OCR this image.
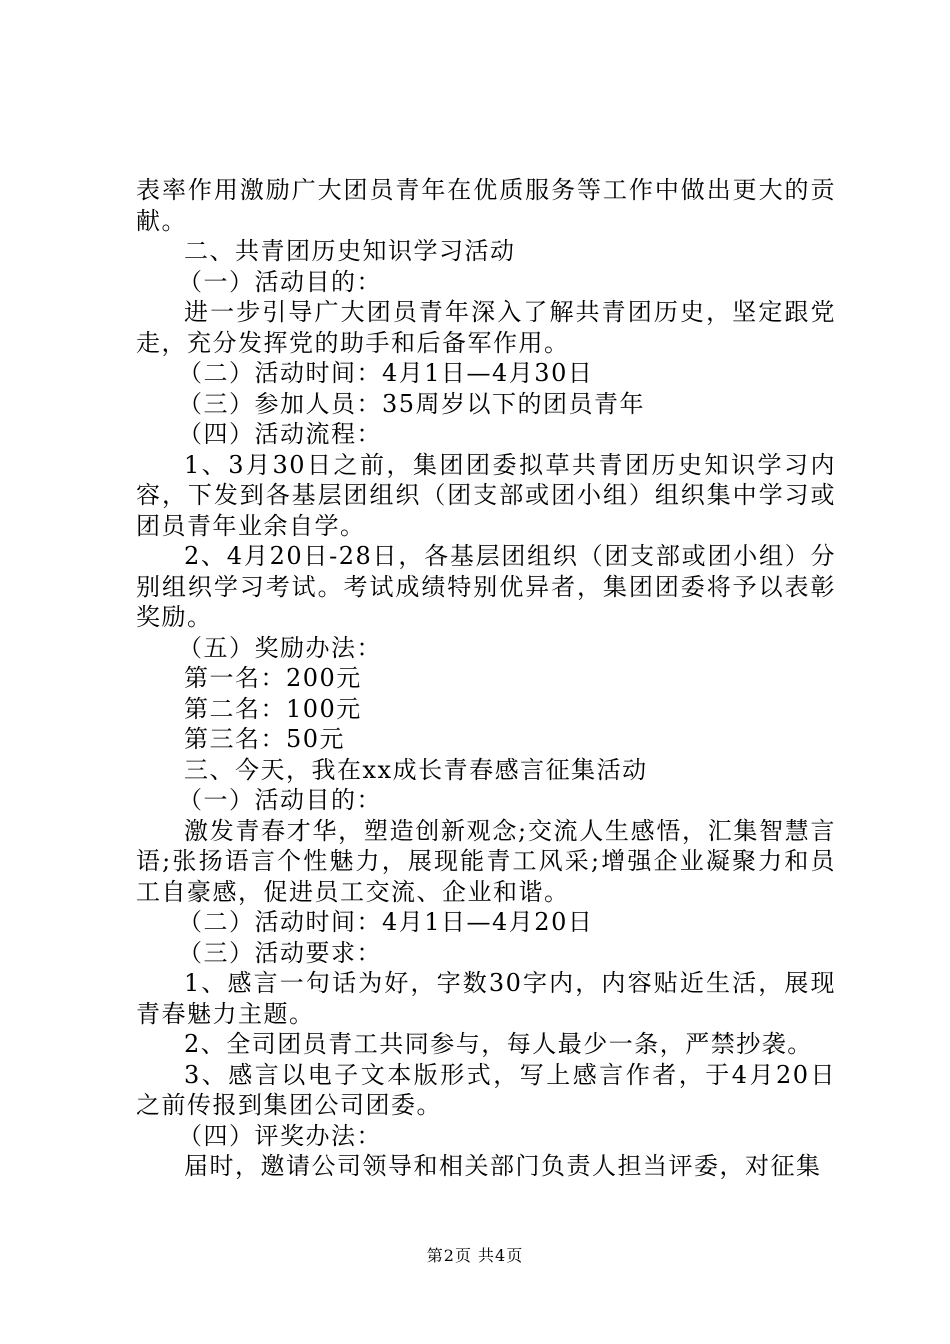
表率作用激励广大团员青年在优质服务等工作中做出更大的贡献。

二、共青团历史知识学习活动

（一）活动目的：

进一步引导广大团员青年深入了解共青团历史，坚定跟党走，充分发挥党的助手和后备军作用。

（二）活动时间：4月1日—4月30日

（三）参加人员：35周岁以下的团员青年

（四）活动流程：

1、3月30日之前，集团团委拟草共青团历史知识学习内容，下发到各基层团组织（团支部或团小组）组织集中学习或团员青年业余自学。

2、4月20日-28日，各基层团组织（团支部或团小组）分别组织学习考试。考试成绩特别优异者，集团团委将予以表彰奖励。

（五）奖励办法：

第一名：200元

第二名：100元

第三名：50元

三、今天，我在xx成长青春感言征集活动

（一）活动目的：

激发青春才华，塑造创新观念;交流人生感悟，汇集智慧言语;张扬语言个性魅力，展现能青工风采;增强企业凝聚力和员工自豪感，促进员工交流、企业和谐。

（二）活动时间：4月1日—4月20日

（三）活动要求：

1、感言一句话为好，字数30字内，内容贴近生活，展现青春魅力主题。

2、全司团员青工共同参与，每人最少一条，严禁抄袭。

3、感言以电子文本版形式，写上感言作者，于4月20日之前传报到集团公司团委。

（四）评奖办法：

届时，邀请公司领导和相关部门负责人担当评委，对征集

第2页 共4页
